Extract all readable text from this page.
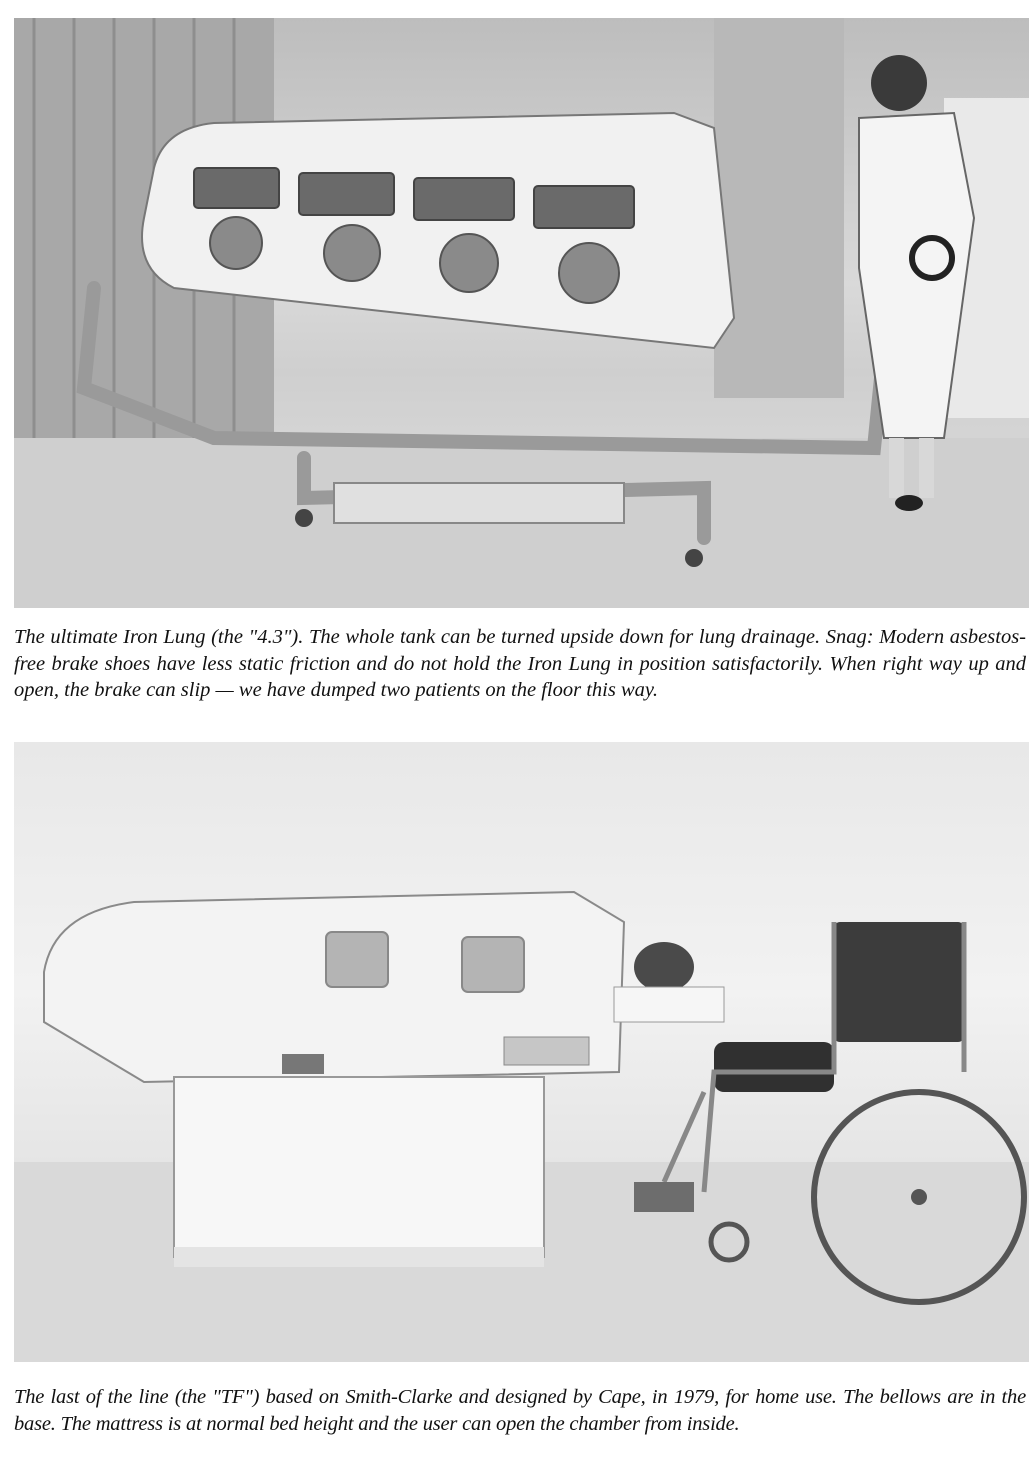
The ultimate Iron Lung (the "4.3"). The whole tank can be turned upside down for lung drainage. Snag: Modern asbestos-free brake shoes have less static friction and do not hold the Iron Lung in position satisfactorily. When right way up and open, the brake can slip — we have dumped two patients on the floor this way.

The last of the line (the "TF") based on Smith-Clarke and designed by Cape, in 1979, for home use. The bellows are in the base. The mattress is at normal bed height and the user can open the chamber from inside.
